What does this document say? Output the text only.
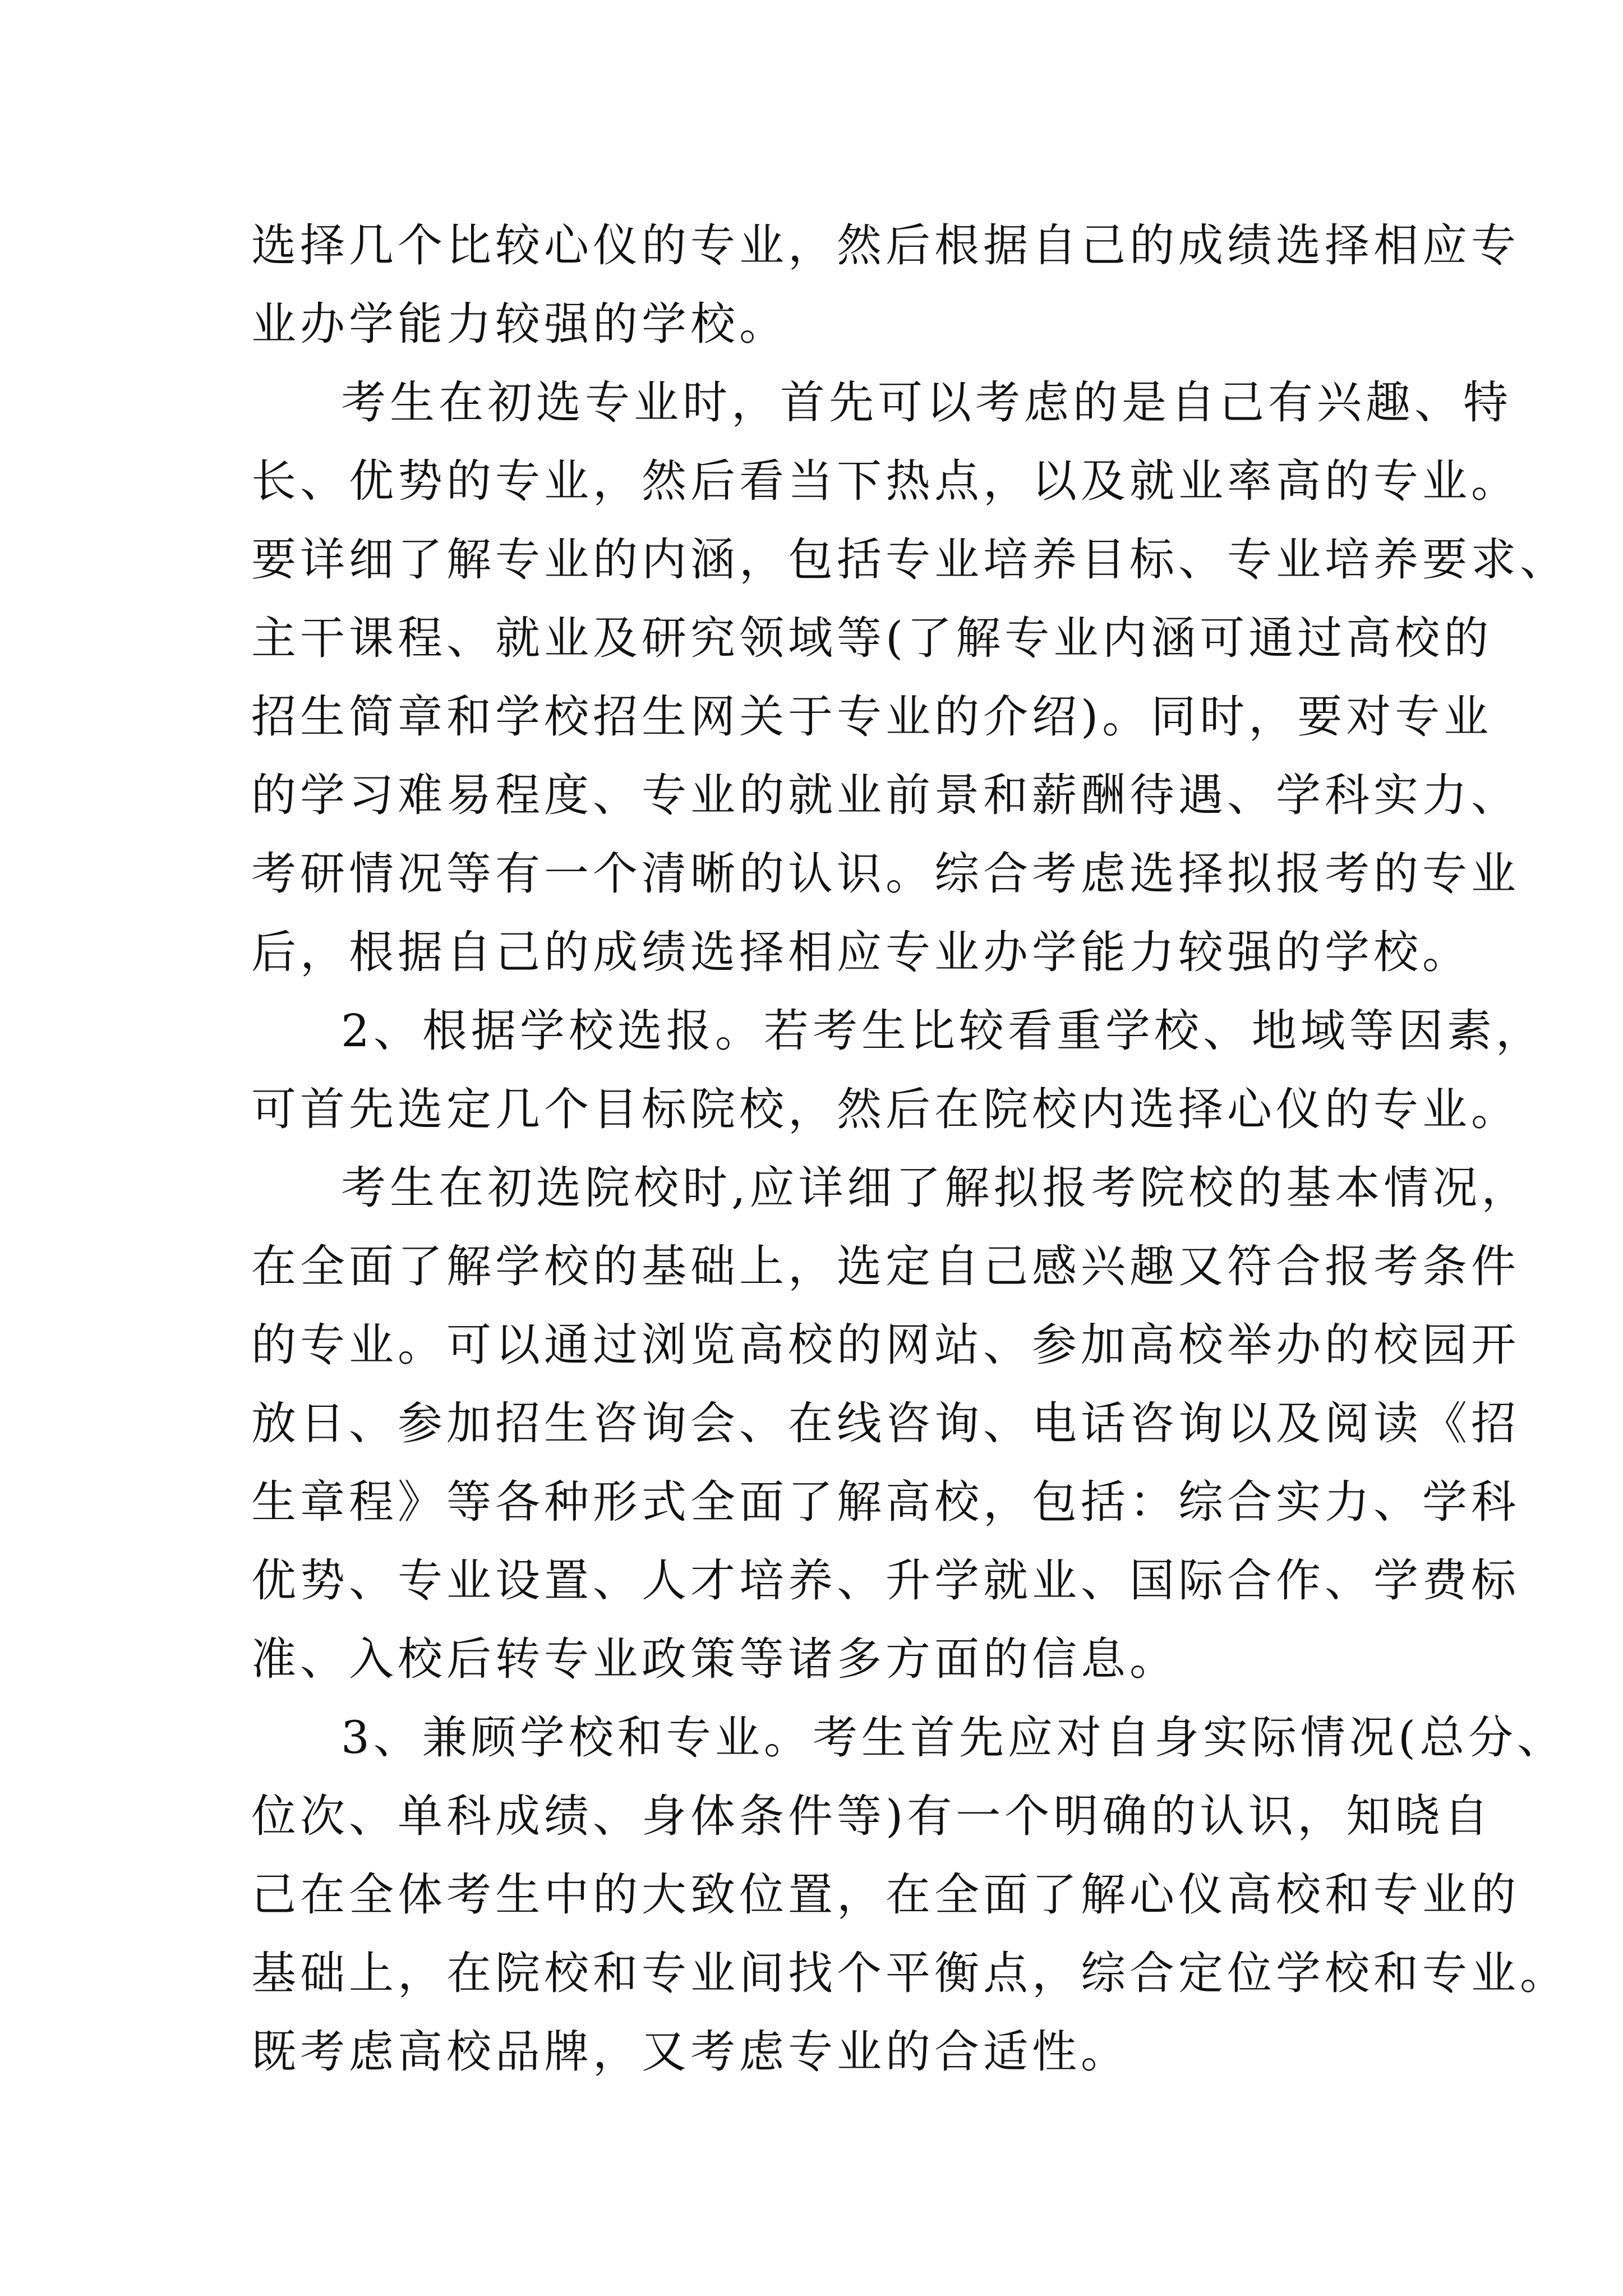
选择几个比较心仪的专业，然后根据自己的成绩选择相应专
业办学能力较强的学校。
考生在初选专业时，首先可以考虑的是自己有兴趣、特
长、优势的专业，然后看当下热点，以及就业率高的专业。
要详细了解专业的内涵，包括专业培养目标、专业培养要求、
主干课程、就业及研究领域等(了解专业内涵可通过高校的
招生简章和学校招生网关于专业的介绍)。同时，要对专业
的学习难易程度、专业的就业前景和薪酬待遇、学科实力、
考研情况等有一个清晰的认识。综合考虑选择拟报考的专业
后，根据自己的成绩选择相应专业办学能力较强的学校。
2、根据学校选报。若考生比较看重学校、地域等因素，
可首先选定几个目标院校，然后在院校内选择心仪的专业。
考生在初选院校时,应详细了解拟报考院校的基本情况，
在全面了解学校的基础上，选定自己感兴趣又符合报考条件
的专业。可以通过浏览高校的网站、参加高校举办的校园开
放日、参加招生咨询会、在线咨询、电话咨询以及阅读《招
生章程》等各种形式全面了解高校，包括：综合实力、学科
优势、专业设置、人才培养、升学就业、国际合作、学费标
准、入校后转专业政策等诸多方面的信息。
3、兼顾学校和专业。考生首先应对自身实际情况(总分、
位次、单科成绩、身体条件等)有一个明确的认识，知晓自
己在全体考生中的大致位置，在全面了解心仪高校和专业的
基础上，在院校和专业间找个平衡点，综合定位学校和专业。
既考虑高校品牌，又考虑专业的合适性。
